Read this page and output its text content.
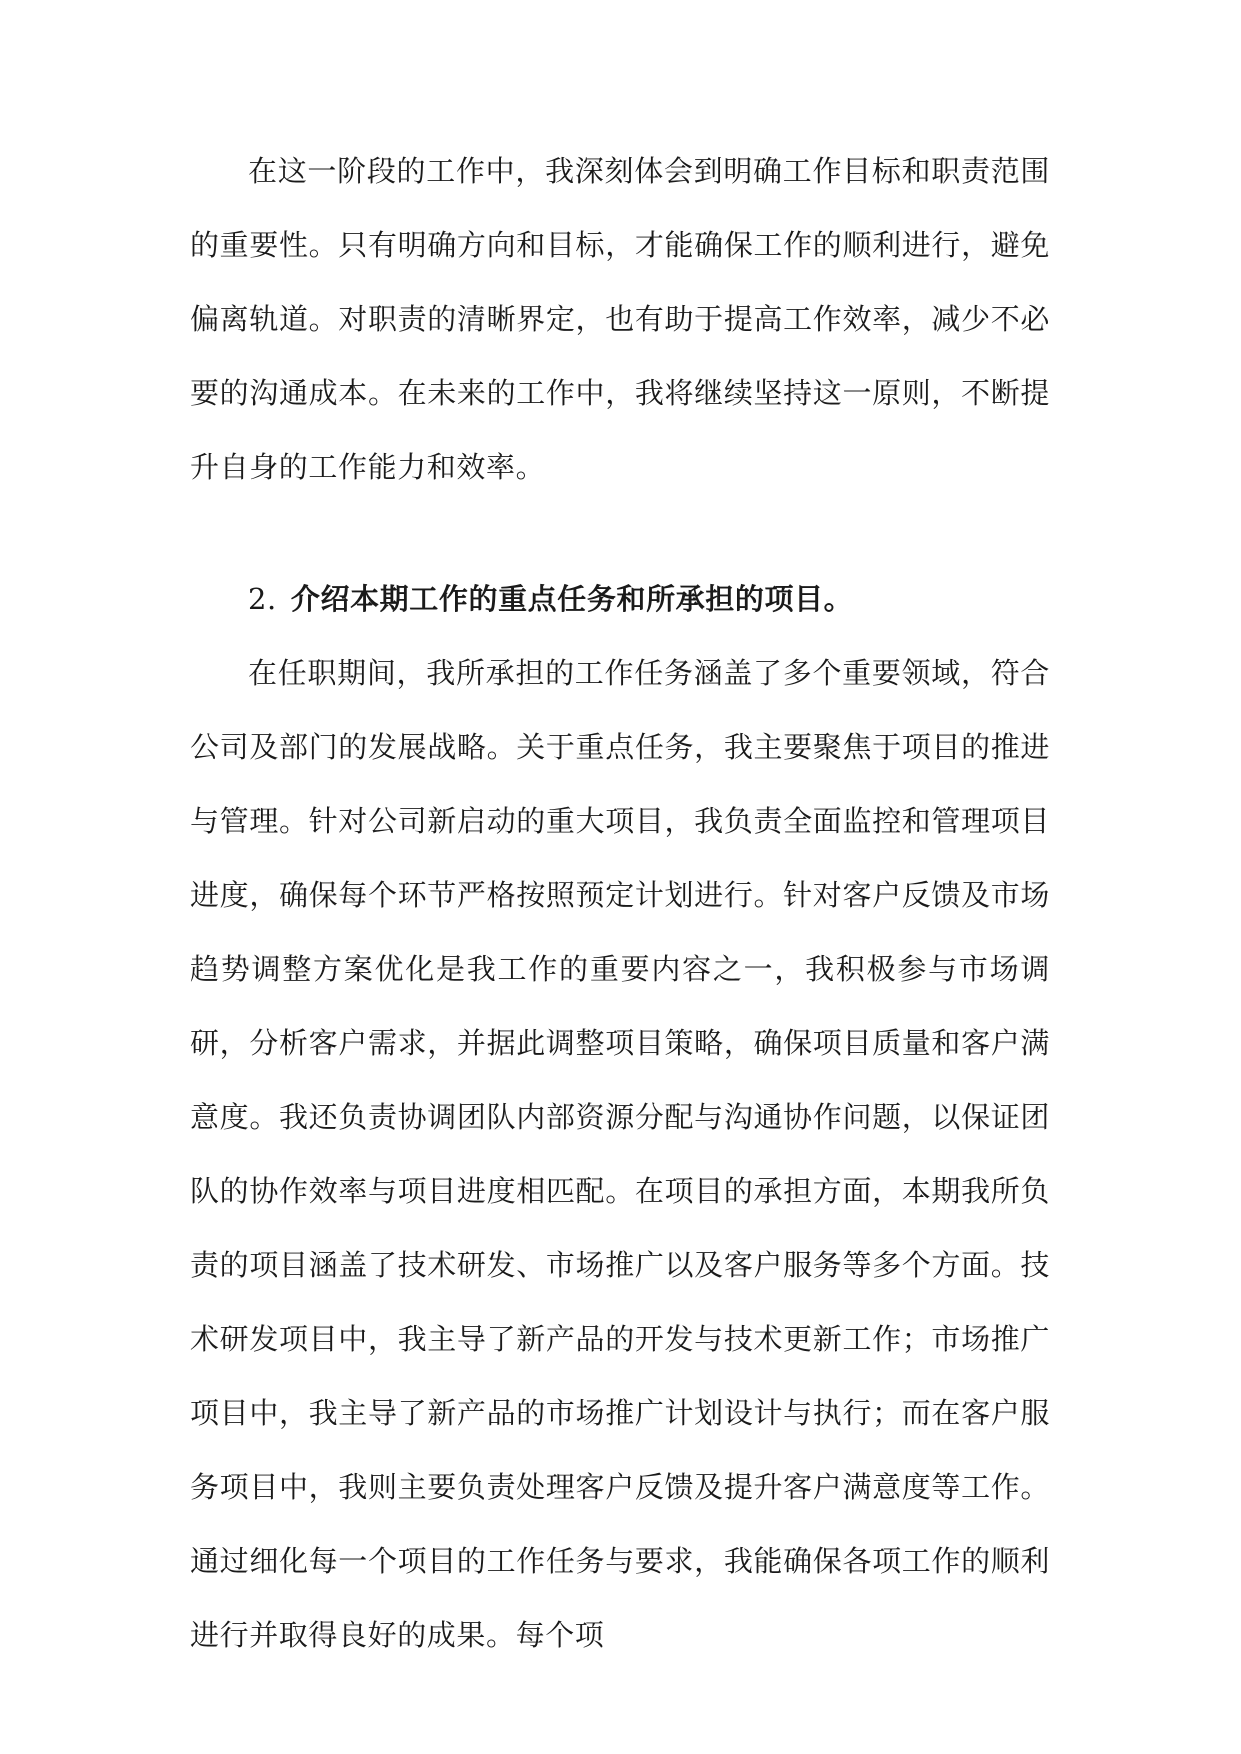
在这一阶段的工作中，我深刻体会到明确工作目标和职责范围的重要性。只有明确方向和目标，才能确保工作的顺利进行，避免偏离轨道。对职责的清晰界定，也有助于提高工作效率，减少不必要的沟通成本。在未来的工作中，我将继续坚持这一原则，不断提升自身的工作能力和效率。

2. 介绍本期工作的重点任务和所承担的项目。

在任职期间，我所承担的工作任务涵盖了多个重要领域，符合公司及部门的发展战略。关于重点任务，我主要聚焦于项目的推进与管理。针对公司新启动的重大项目，我负责全面监控和管理项目进度，确保每个环节严格按照预定计划进行。针对客户反馈及市场趋势调整方案优化是我工作的重要内容之一，我积极参与市场调研，分析客户需求，并据此调整项目策略，确保项目质量和客户满意度。我还负责协调团队内部资源分配与沟通协作问题，以保证团队的协作效率与项目进度相匹配。在项目的承担方面，本期我所负责的项目涵盖了技术研发、市场推广以及客户服务等多个方面。技术研发项目中，我主导了新产品的开发与技术更新工作；市场推广项目中，我主导了新产品的市场推广计划设计与执行；而在客户服务项目中，我则主要负责处理客户反馈及提升客户满意度等工作。通过细化每一个项目的工作任务与要求，我能确保各项工作的顺利进行并取得良好的成果。每个项
